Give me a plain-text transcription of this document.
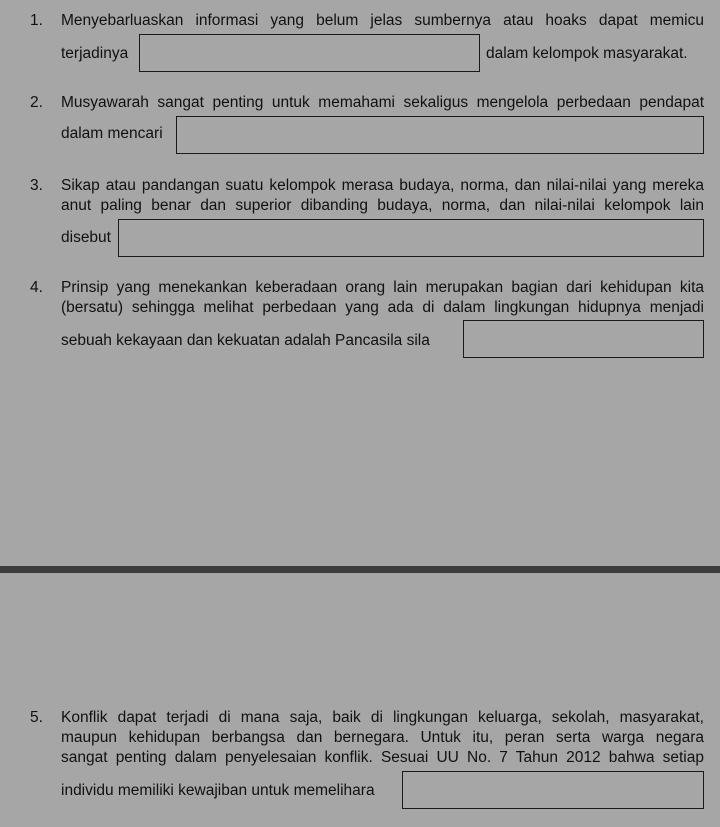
1. Menyebarluaskan informasi yang belum jelas sumbernya atau hoaks dapat memicu
terjadinya	dalam kelompok masyarakat.
2. Musyawarah sangat penting untuk memahami sekaligus mengelola perbedaan pendapat
dalam mencari
3. Sikap atau pandangan suatu kelompok merasa budaya, norma, dan nilai-nilai yang mereka
anut paling benar dan superior dibanding budaya, norma, dan nilai-nilai kelompok lain
disebut
4. Prinsip yang menekankan keberadaan orang lain merupakan bagian dari kehidupan kita
(bersatu) sehingga melihat perbedaan yang ada di dalam lingkungan hidupnya menjadi
sebuah kekayaan dan kekuatan adalah Pancasila sila
5. Konflik dapat terjadi di mana saja, baik di lingkungan keluarga, sekolah, masyarakat,
maupun kehidupan berbangsa dan bernegara. Untuk itu, peran serta warga negara
sangat penting dalam penyelesaian konflik. Sesuai UU No. 7 Tahun 2012 bahwa setiap
individu memiliki kewajiban untuk memelihara
